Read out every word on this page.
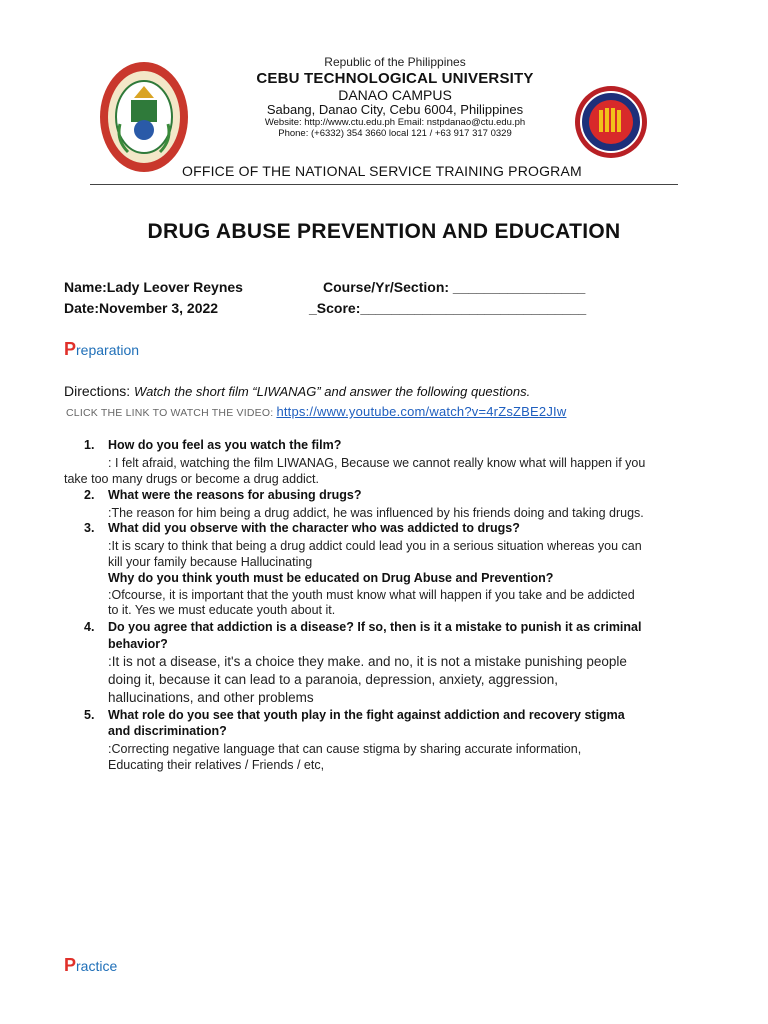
Republic of the Philippines
CEBU TECHNOLOGICAL UNIVERSITY
DANAO CAMPUS
Sabang, Danao City, Cebu 6004, Philippines
Website: http://www.ctu.edu.ph Email: nstpdanao@ctu.edu.ph
Phone: (+6332) 354 3660 local 121 / +63 917 317 0329
OFFICE OF THE NATIONAL SERVICE TRAINING PROGRAM
DRUG ABUSE PREVENTION AND EDUCATION
Name:Lady Leover Reynes	Course/Yr/Section: _________________
Date:November 3, 2022	_Score:_____________________________
Preparation
Directions: Watch the short film “LIWANAG” and answer the following questions.
CLICK THE LINK TO WATCH THE VIDEO: https://www.youtube.com/watch?v=4rZsZBE2JIw
1. How do you feel as you watch the film?
: I felt afraid, watching the film LIWANAG, Because we cannot really know what will happen if you
take too many drugs or become a drug addict.
2. What were the reasons for abusing drugs?
:The reason for him being a drug addict, he was influenced by his friends doing and taking drugs.
3. What did you observe with the character who was addicted to drugs?
:It is scary to think that being a drug addict could lead you in a serious situation whereas you can
kill your family because Hallucinating
Why do you think youth must be educated on Drug Abuse and Prevention?
:Ofcourse, it is important that the youth must know what will happen if you take and be addicted
to it. Yes we must educate youth about it.
4. Do you agree that addiction is a disease? If so, then is it a mistake to punish it as criminal
behavior?
:It is not a disease, it's a choice they make. and no, it is not a mistake punishing people
doing it, because it can lead to a paranoia, depression, anxiety, aggression,
hallucinations, and other problems
5. What role do you see that youth play in the fight against addiction and recovery stigma
and discrimination?
:Correcting negative language that can cause stigma by sharing accurate information,
Educating their relatives / Friends / etc,
Practice
